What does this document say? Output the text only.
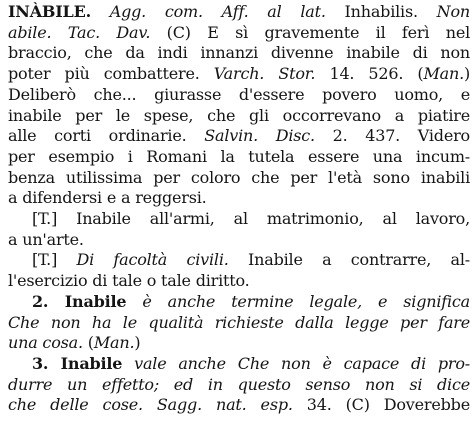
INÀBILE. Agg. com. Aff. al lat. Inhabilis. Non
abile. Tac. Dav. (C) E sì gravemente il ferì nel
braccio, che da indi innanzi divenne inabile di non
poter più combattere. Varch. Stor. 14. 526. (Man.)
Deliberò che... giurasse d'essere povero uomo, e
inabile per le spese, che gli occorrevano a piatire
alle corti ordinarie. Salvin. Disc. 2. 437. Videro
per esempio i Romani la tutela essere una incum-
benza utilissima per coloro che per l'età sono inabili
a difendersi e a reggersi.
[T.] Inabile all'armi, al matrimonio, al lavoro,
a un'arte.
[T.] Di facoltà civili. Inabile a contrarre, al-
l'esercizio di tale o tale diritto.
2. Inabile è anche termine legale, e significa
Che non ha le qualità richieste dalla legge per fare
una cosa. (Man.)
3. Inabile vale anche Che non è capace di pro-
durre un effetto; ed in questo senso non si dice
che delle cose. Sagg. nat. esp. 34. (C) Doverebbe
